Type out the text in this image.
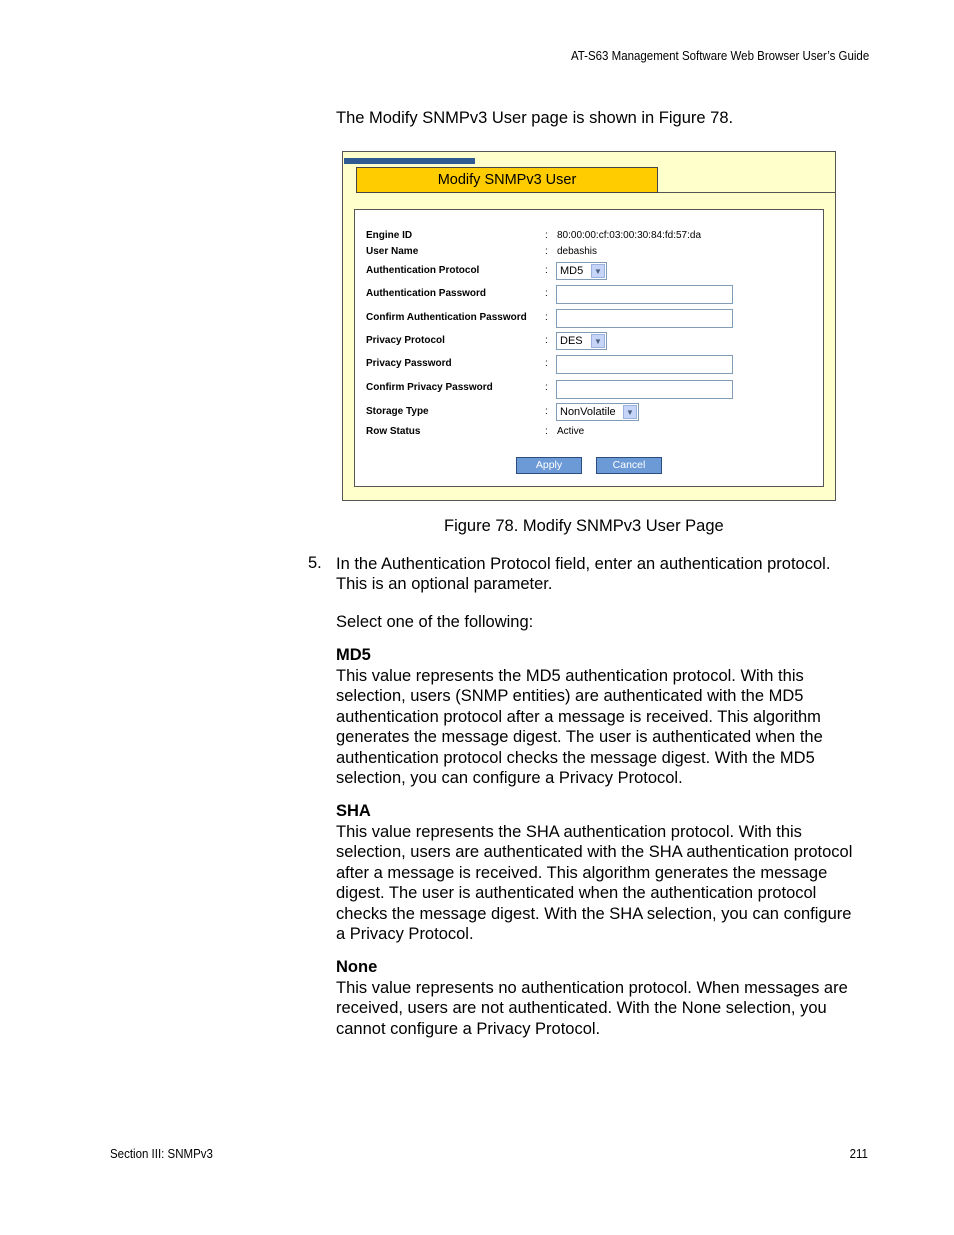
AT-S63 Management Software Web Browser User’s Guide
The Modify SNMPv3 User page is shown in Figure 78.
Modify SNMPv3 User
Engine ID	: 80:00:00:cf:03:00:30:84:fd:57:da
User Name	: debashis
Authentication Protocol	: MD5	▼
Authentication Password	:
Confirm Authentication Password :
Privacy Protocol	: DES	▼
Privacy Password	:
Confirm Privacy Password	:
Storage Type	: NonVolatile	▼
Row Status	: Active
Apply	Cancel
Figure 78. Modify SNMPv3 User Page
5. In the Authentication Protocol field, enter an authentication protocol.
This is an optional parameter.
Select one of the following:
MD5
This value represents the MD5 authentication protocol. With this
selection, users (SNMP entities) are authenticated with the MD5
authentication protocol after a message is received. This algorithm
generates the message digest. The user is authenticated when the
authentication protocol checks the message digest. With the MD5
selection, you can configure a Privacy Protocol.
SHA
This value represents the SHA authentication protocol. With this
selection, users are authenticated with the SHA authentication protocol
after a message is received. This algorithm generates the message
digest. The user is authenticated when the authentication protocol
checks the message digest. With the SHA selection, you can configure
a Privacy Protocol.
None
This value represents no authentication protocol. When messages are
received, users are not authenticated. With the None selection, you
cannot configure a Privacy Protocol.
Section III: SNMPv3	211
